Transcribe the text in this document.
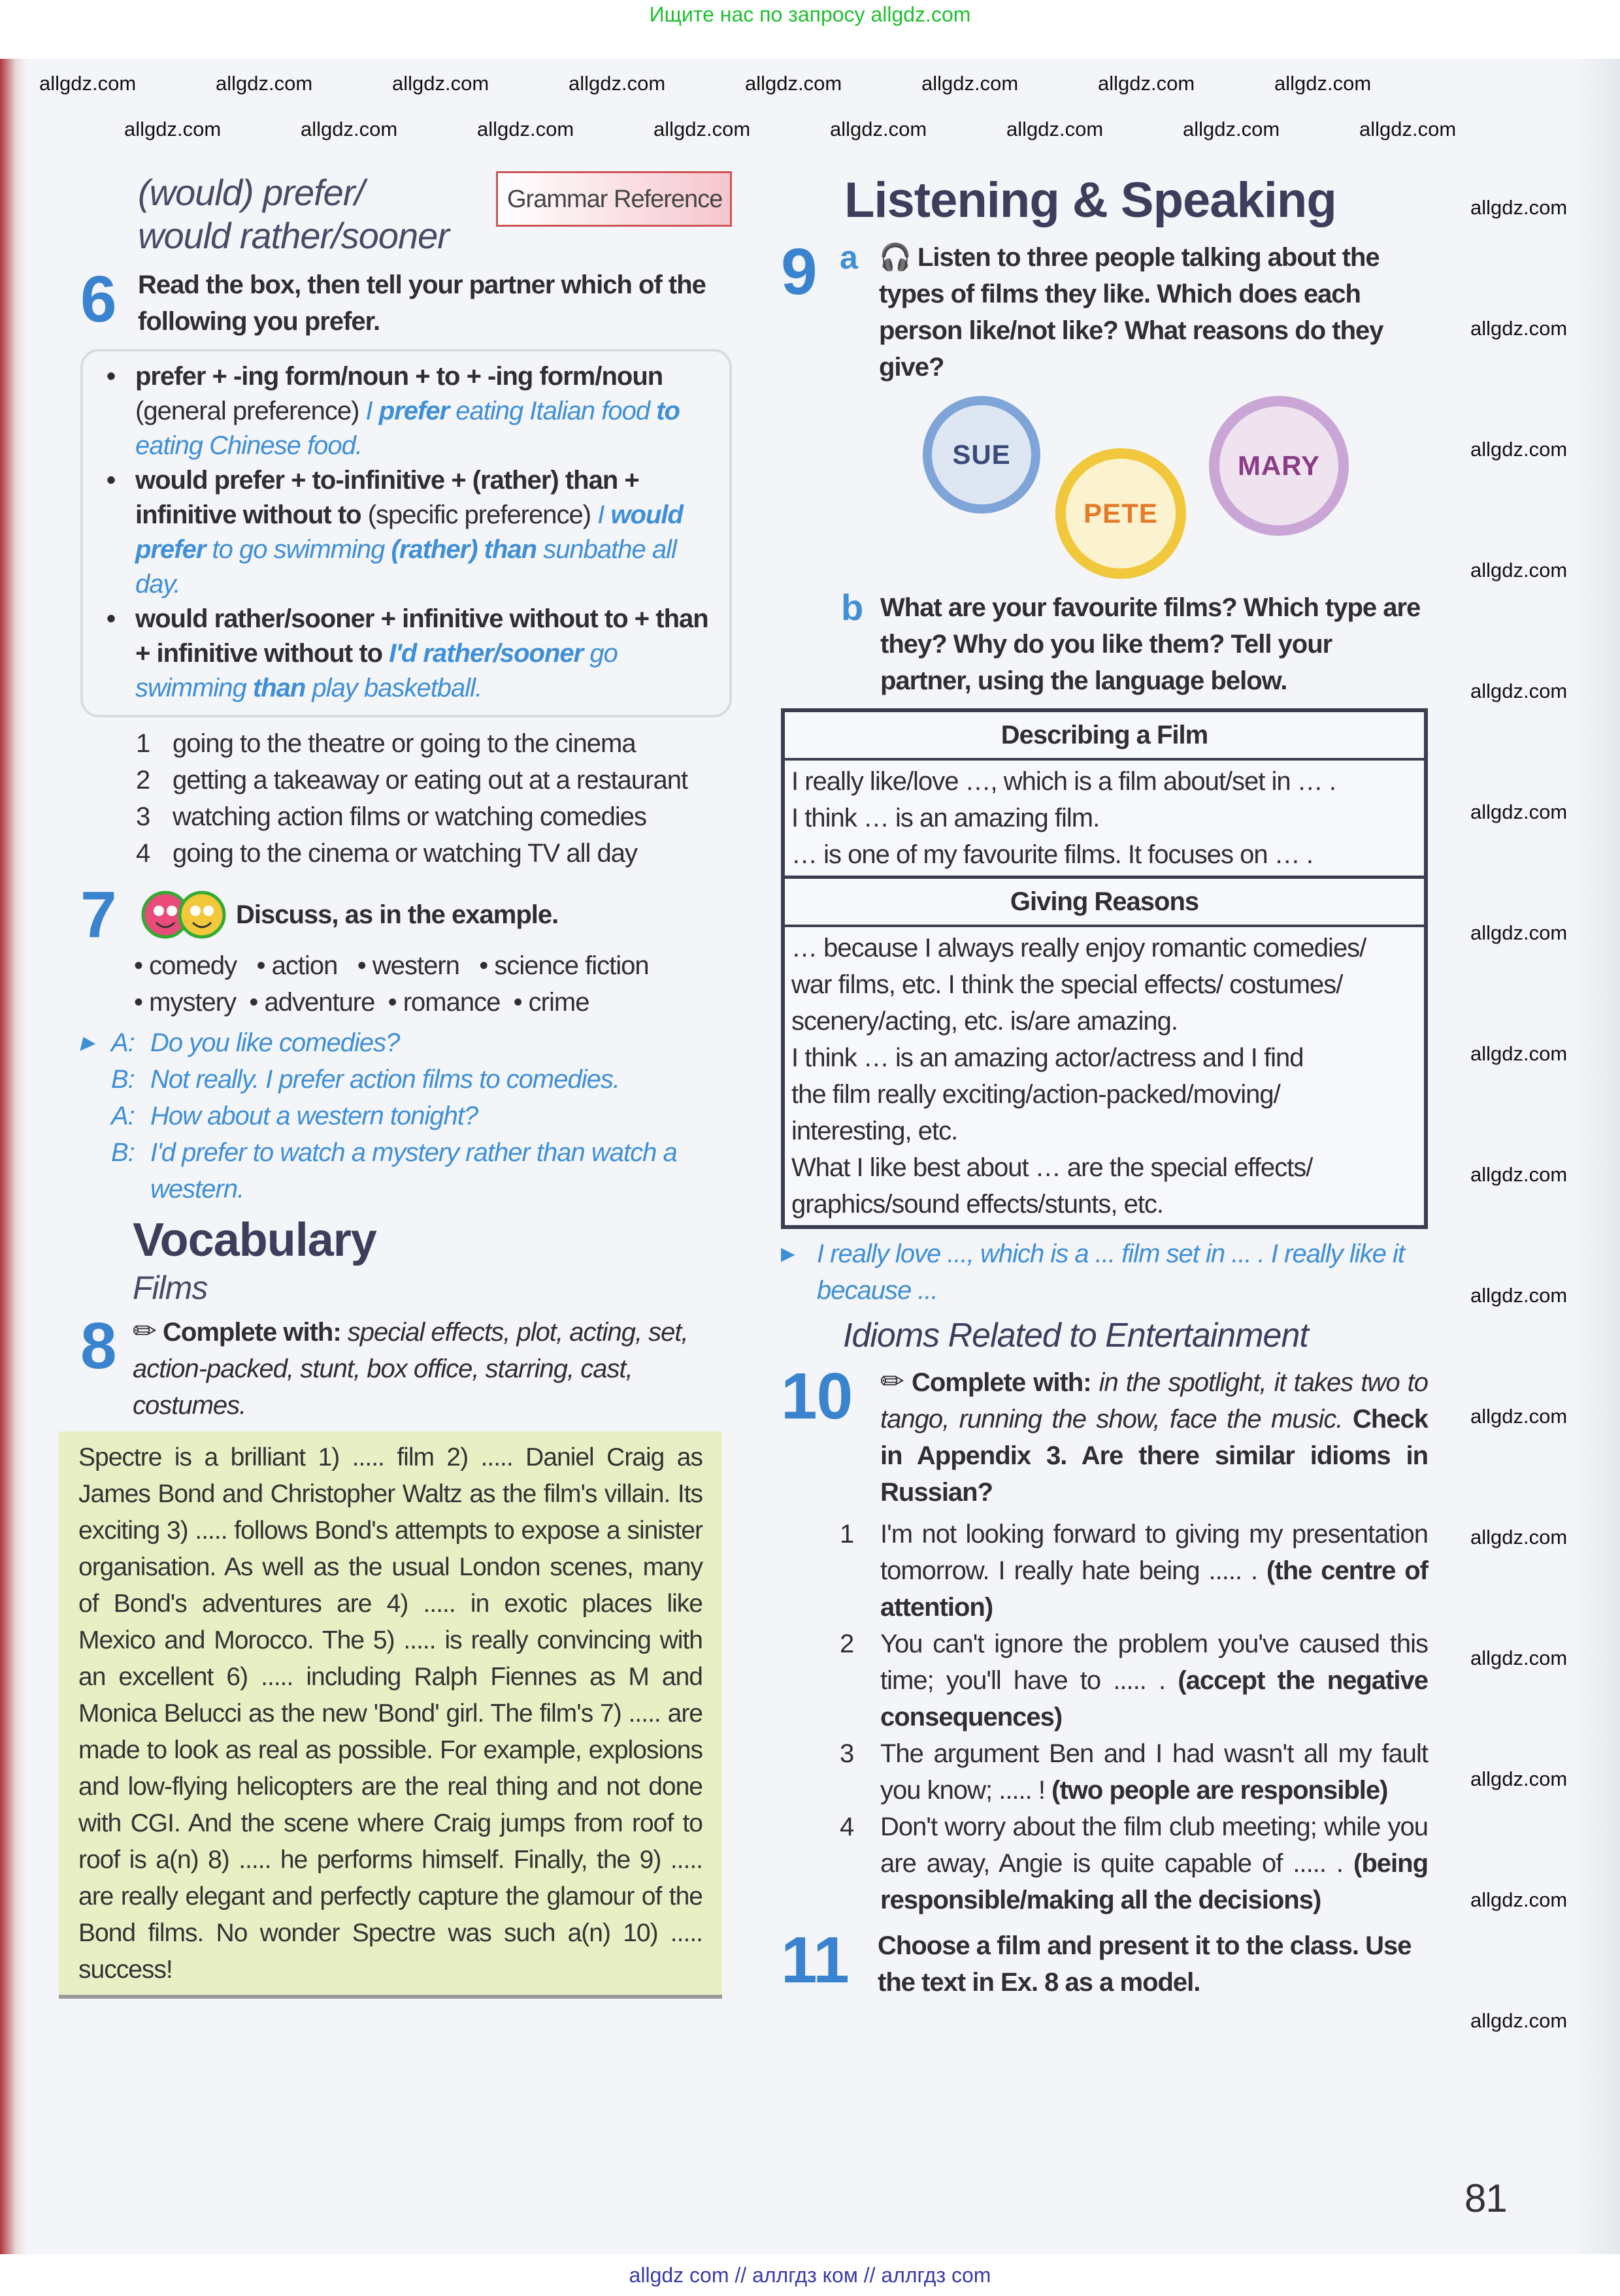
Ищите нас по запросу allgdz.com
(would) prefer/
would rather/sooner
Grammar Reference
6 Read the box, then tell your partner which of the following you prefer.
• prefer + -ing form/noun + to + -ing form/noun (general preference) I prefer eating Italian food to eating Chinese food.
• would prefer + to-infinitive + (rather) than + infinitive without to (specific preference) I would prefer to go swimming (rather) than sunbathe all day.
• would rather/sooner + infinitive without to + than + infinitive without to I'd rather/sooner go swimming than play basketball.
1 going to the theatre or going to the cinema
2 getting a takeaway or eating out at a restaurant
3 watching action films or watching comedies
4 going to the cinema or watching TV all day
7	Discuss, as in the example.
• comedy   • action   • western   • science fiction
• mystery  • adventure  • romance  • crime
▶ A: Do you like comedies?
B: Not really. I prefer action films to comedies.
A: How about a western tonight?
B: I'd prefer to watch a mystery rather than watch a western.
Vocabulary
Films
8 ✏ Complete with: special effects, plot, acting, set, action-packed, stunt, box office, starring, cast, costumes.
Spectre is a brilliant 1) ..... film 2) ..... Daniel Craig as James Bond and Christopher Waltz as the film's villain. Its exciting 3) ..... follows Bond's attempts to expose a sinister organisation. As well as the usual London scenes, many of Bond's adventures are 4) ..... in exotic places like Mexico and Morocco. The 5) ..... is really convincing with an excellent 6) ..... including Ralph Fiennes as M and Monica Belucci as the new 'Bond' girl. The film's 7) ..... are made to look as real as possible. For example, explosions and low-flying helicopters are the real thing and not done with CGI. And the scene where Craig jumps from roof to roof is a(n) 8) ..... he performs himself. Finally, the 9) ..... are really elegant and perfectly capture the glamour of the Bond films. No wonder Spectre was such a(n) 10) ..... success!
Listening & Speaking
9 a 🎧 Listen to three people talking about the types of films they like. Which does each person like/not like? What reasons do they give?
SUE
PETE
MARY
b What are your favourite films? Which type are they? Why do you like them? Tell your partner, using the language below.
Describing a Film
I really like/love …, which is a film about/set in … .
I think … is an amazing film.
… is one of my favourite films. It focuses on … .
Giving Reasons
… because I always really enjoy romantic comedies/
war films, etc. I think the special effects/ costumes/
scenery/acting, etc. is/are amazing.
I think … is an amazing actor/actress and I find
the film really exciting/action-packed/moving/
interesting, etc.
What I like best about … are the special effects/
graphics/sound effects/stunts, etc.
▶ I really love ..., which is a ... film set in ... . I really like it because ...
Idioms Related to Entertainment
10 ✏ Complete with: in the spotlight, it takes two to tango, running the show, face the music. Check in Appendix 3. Are there similar idioms in Russian?
1 I'm not looking forward to giving my presentation tomorrow. I really hate being ..... . (the centre of attention)
2 You can't ignore the problem you've caused this time; you'll have to ..... . (accept the negative consequences)
3 The argument Ben and I had wasn't all my fault you know; ..... ! (two people are responsible)
4 Don't worry about the film club meeting; while you are away, Angie is quite capable of ..... . (being responsible/making all the decisions)
11	Choose a film and present it to the class. Use the text in Ex. 8 as a model.
81
allgdz com // аллгдз ком // аллгдз com
allgdz.com
allgdz.com
allgdz.com
allgdz.com
allgdz.com
allgdz.com
allgdz.com
allgdz.com
allgdz.com
allgdz.com
allgdz.com
allgdz.com
allgdz.com
allgdz.com
allgdz.com
allgdz.com
allgdz.com
allgdz.com
allgdz.com
allgdz.com
allgdz.com
allgdz.com
allgdz.com
allgdz.com
allgdz.com
allgdz.com
allgdz.com
allgdz.com
allgdz.com
allgdz.com
allgdz.com
allgdz.com
